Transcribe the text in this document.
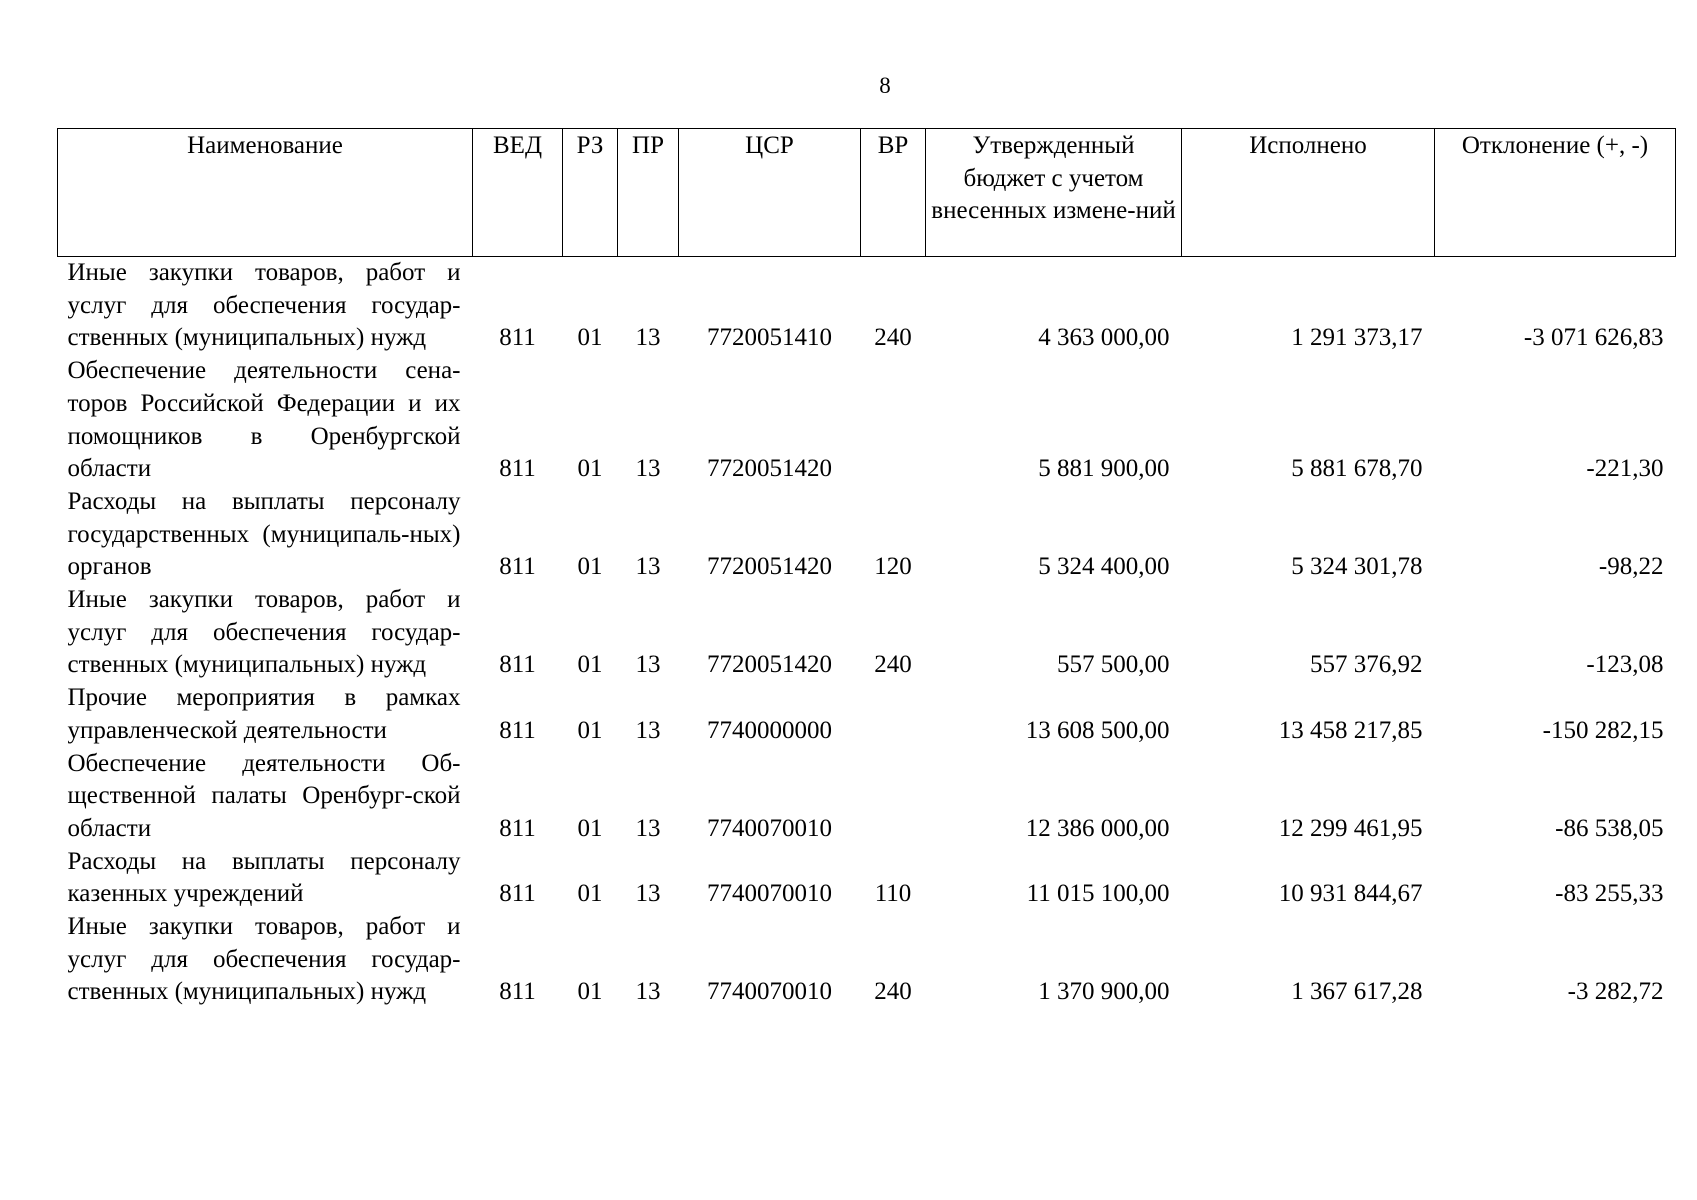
8
Наименование	ВЕД	РЗ	ПР	ЦСР	ВР	Утвержденный бюджет с учетом внесенных измене-ний	Исполнено	Отклонение (+, -)
Иные закупки товаров, работ и услуг для обеспечения государ-ственных (муниципальных) нужд	811	01	13	7720051410	240	4 363 000,00	1 291 373,17	-3 071 626,83
Обеспечение деятельности сена-торов Российской Федерации и их помощников в Оренбургской области	811	01	13	7720051420		5 881 900,00	5 881 678,70	-221,30
Расходы на выплаты персоналу государственных (муниципаль-ных) органов	811	01	13	7720051420	120	5 324 400,00	5 324 301,78	-98,22
Иные закупки товаров, работ и услуг для обеспечения государ-ственных (муниципальных) нужд	811	01	13	7720051420	240	557 500,00	557 376,92	-123,08
Прочие мероприятия в рамках управленческой деятельности	811	01	13	7740000000		13 608 500,00	13 458 217,85	-150 282,15
Обеспечение деятельности Об-щественной палаты Оренбург-ской области	811	01	13	7740070010		12 386 000,00	12 299 461,95	-86 538,05
Расходы на выплаты персоналу казенных учреждений	811	01	13	7740070010	110	11 015 100,00	10 931 844,67	-83 255,33
Иные закупки товаров, работ и услуг для обеспечения государ-ственных (муниципальных) нужд	811	01	13	7740070010	240	1 370 900,00	1 367 617,28	-3 282,72
